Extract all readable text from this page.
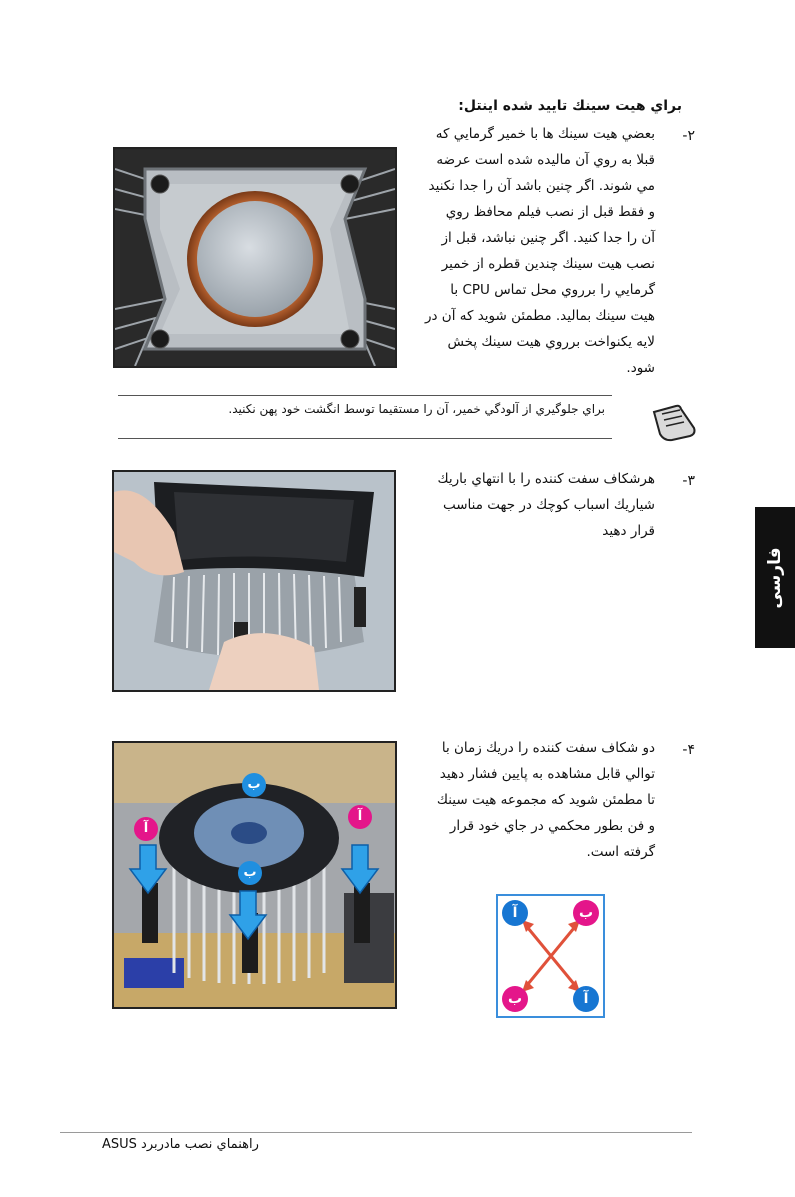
براي هيت سينك تاييد شده اينتل:
-۲
بعضي هيت سينك ها با خمير گرمايي كه
قبلا به روي آن ماليده شده است عرضه
مي شوند. اگر چنين باشد آن را جدا نكنيد
و فقط قبل از نصب فيلم محافظ روي
آن را جدا كنيد. اگر چنين نباشد، قبل از
نصب هيت سينك چندين قطره از خمير
گرمايي را برروي محل تماس CPU با
هيت سينك بماليد. مطمئن شويد كه آن در
لايه يكنواخت برروي هيت سينك پخش
شود.
براي جلوگيري از آلودگي خمير، آن را مستقيما توسط انگشت خود پهن نكنيد.
-۳
هرشكاف سفت كننده را با انتهاي باريك
شياريك اسباب كوچك در جهت مناسب
قرار دهيد
فارسى
-۴
دو شكاف سفت كننده را دريك زمان با
توالي قابل مشاهده به پايين فشار دهيد
تا مطمئن شويد كه مجموعه هيت سينك
و فن بطور محكمي در جاي خود قرار
گرفته است.
آ
آ
ب
ب
آ	ب
ب	آ
راهنماي نصب مادربرد ASUS
